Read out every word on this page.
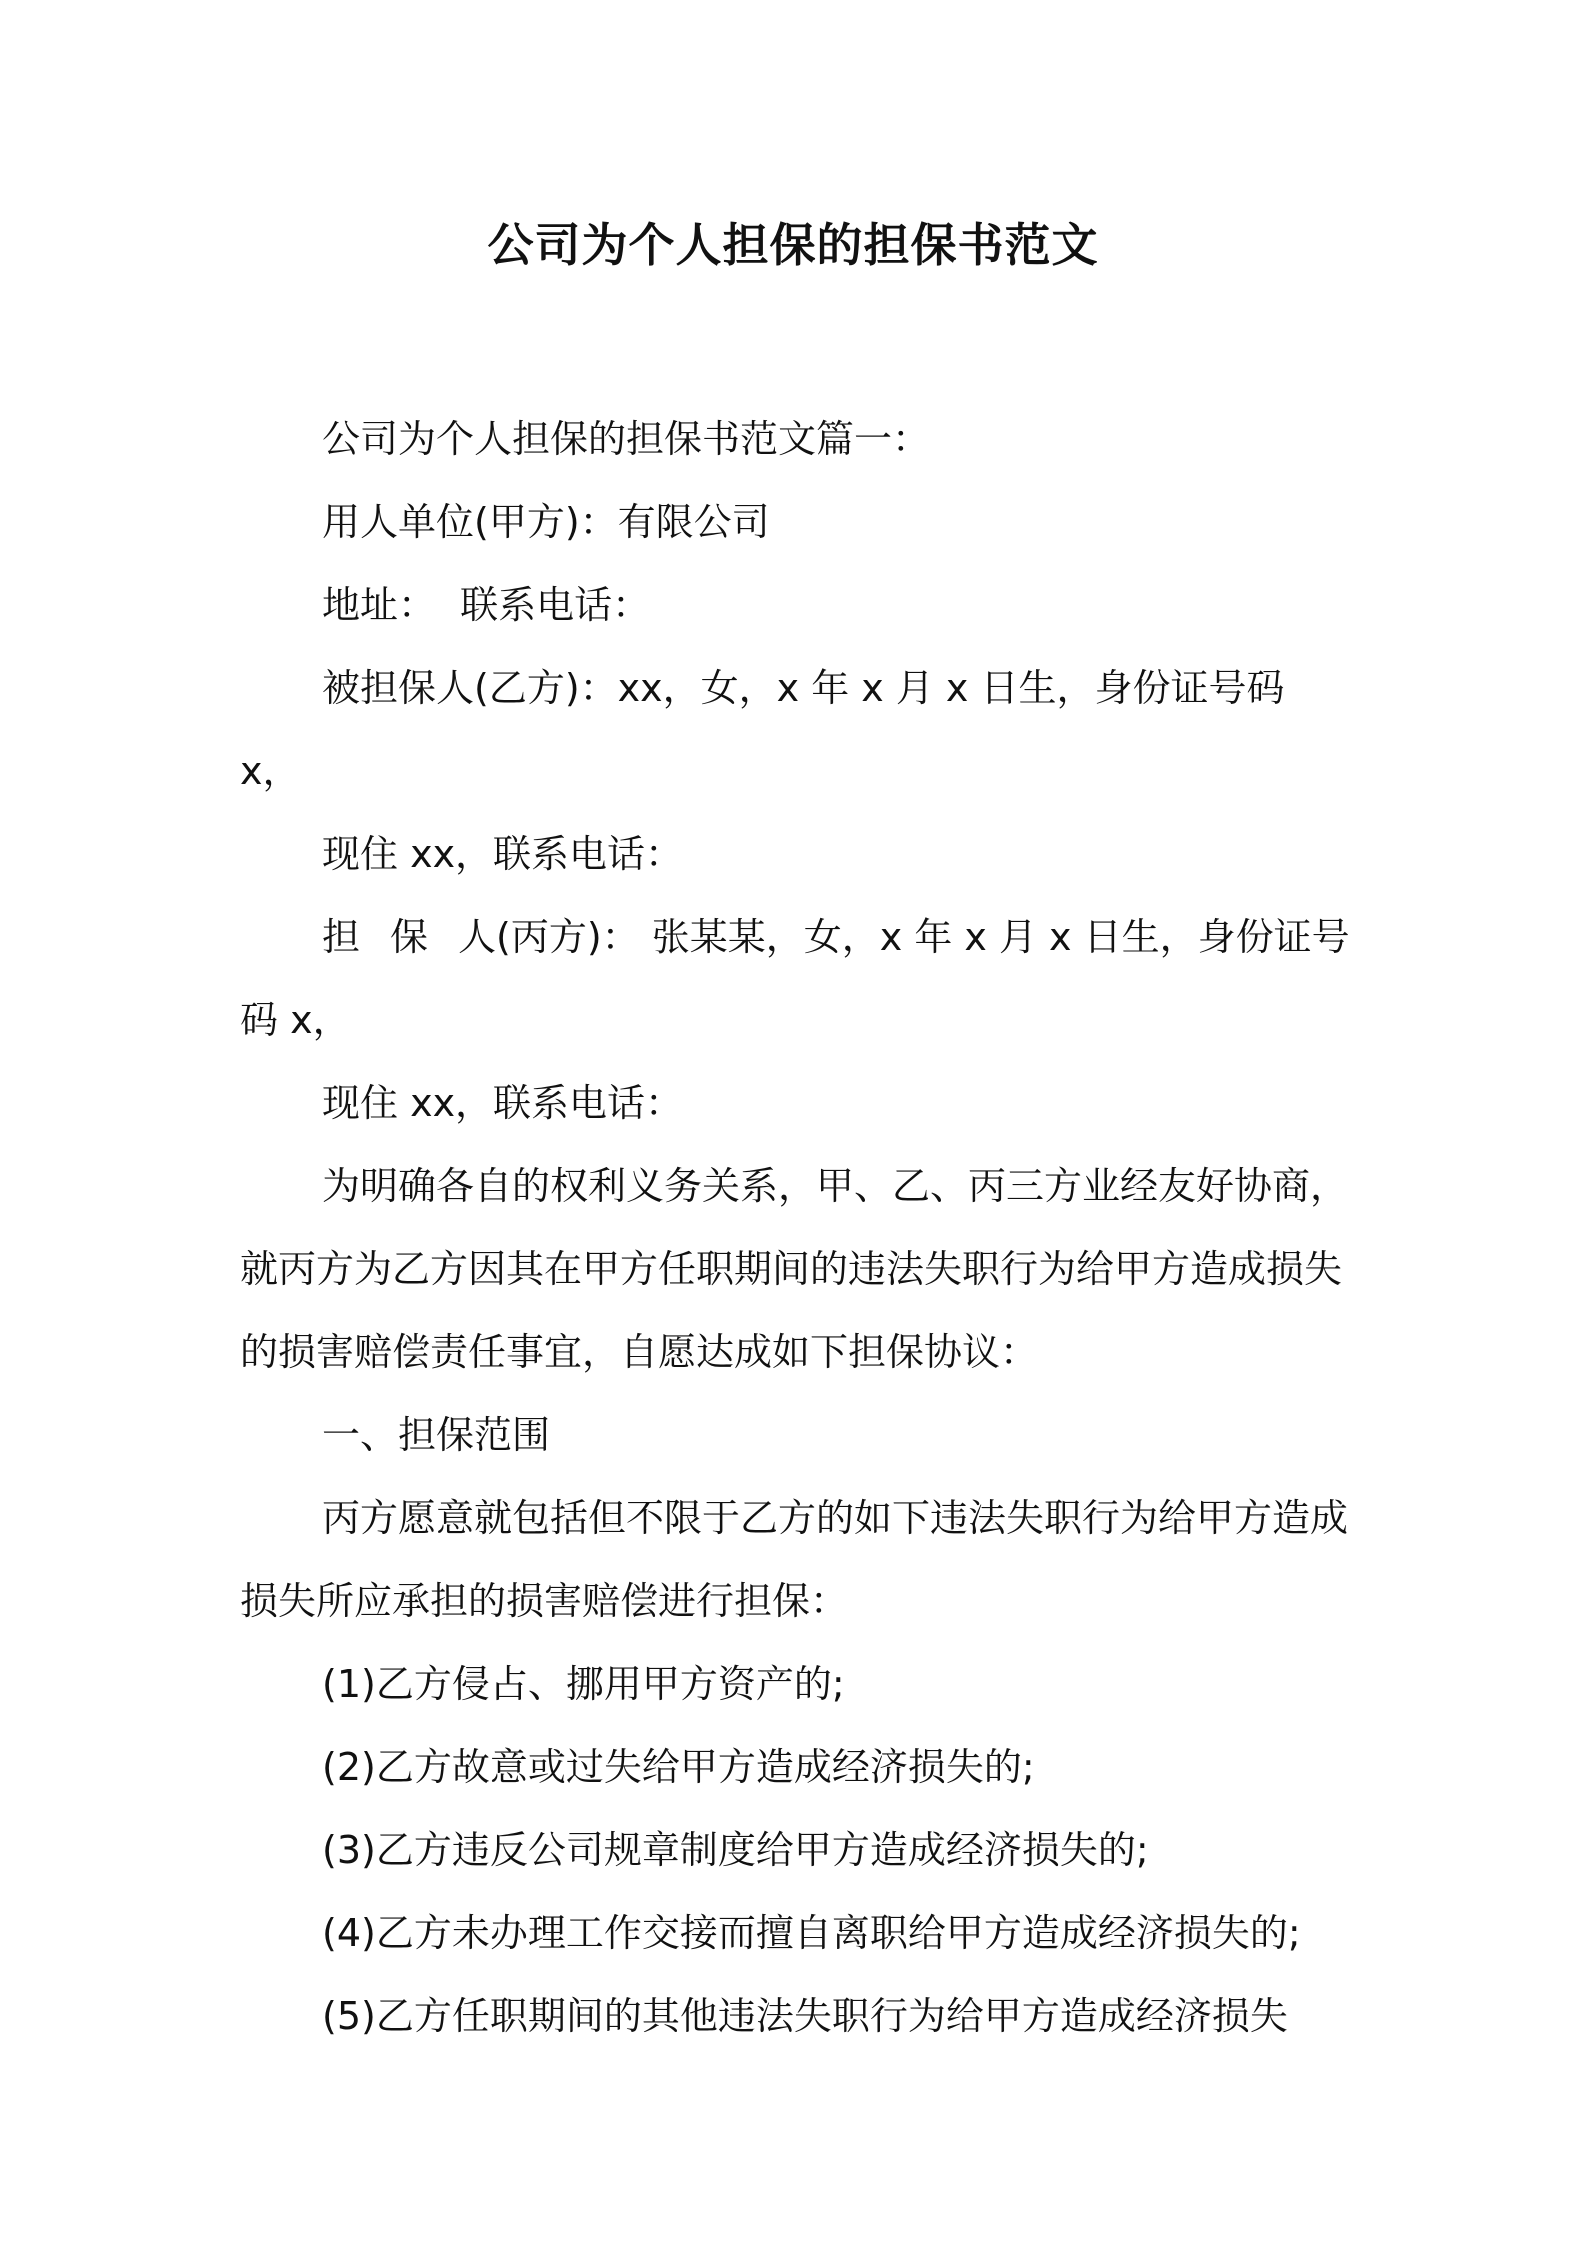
公司为个人担保的担保书范文

公司为个人担保的担保书范文篇一：

用人单位(甲方)：有限公司

地址：  联系电话：

被担保人(乙方)：xx，女，x 年 x 月 x 日生，身份证号码 x，

现住 xx，联系电话：

担 保 人(丙方)： 张某某，女，x 年 x 月 x 日生，身份证号码 x，

现住 xx，联系电话：

为明确各自的权利义务关系，甲、乙、丙三方业经友好协商，就丙方为乙方因其在甲方任职期间的违法失职行为给甲方造成损失的损害赔偿责任事宜，自愿达成如下担保协议：

一、担保范围

丙方愿意就包括但不限于乙方的如下违法失职行为给甲方造成损失所应承担的损害赔偿进行担保：

(1)乙方侵占、挪用甲方资产的;

(2)乙方故意或过失给甲方造成经济损失的;

(3)乙方违反公司规章制度给甲方造成经济损失的;

(4)乙方未办理工作交接而擅自离职给甲方造成经济损失的;

(5)乙方任职期间的其他违法失职行为给甲方造成经济损失
